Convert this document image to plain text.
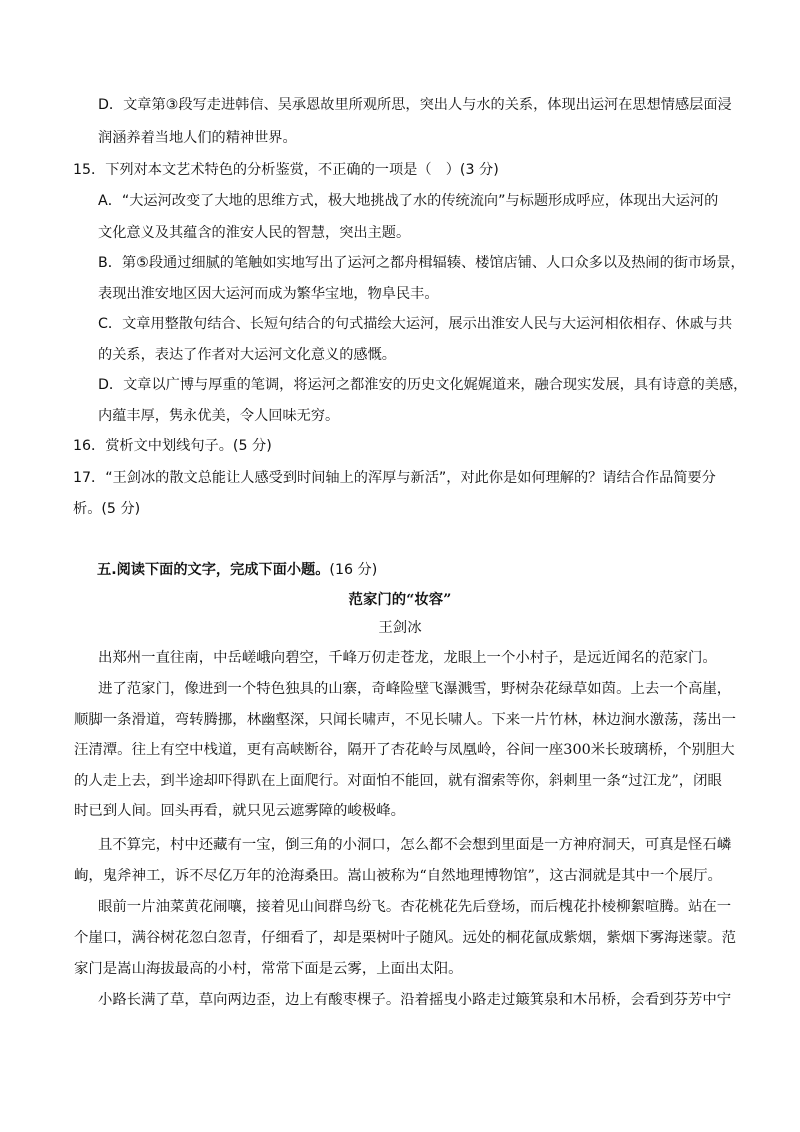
D．文章第③段写走进韩信、吴承恩故里所观所思，突出人与水的关系，体现出运河在思想情感层面浸
润涵养着当地人们的精神世界。
15．下列对本文艺术特色的分析鉴赏，不正确的一项是（　）(3 分)
A．“大运河改变了大地的思维方式，极大地挑战了水的传统流向”与标题形成呼应，体现出大运河的
文化意义及其蕴含的淮安人民的智慧，突出主题。
B．第⑤段通过细腻的笔触如实地写出了运河之都舟楫辐辏、楼馆店铺、人口众多以及热闹的街市场景，
表现出淮安地区因大运河而成为繁华宝地，物阜民丰。
C．文章用整散句结合、长短句结合的句式描绘大运河，展示出淮安人民与大运河相依相存、休戚与共
的关系，表达了作者对大运河文化意义的感慨。
D．文章以广博与厚重的笔调，将运河之都淮安的历史文化娓娓道来，融合现实发展，具有诗意的美感，
内蕴丰厚，隽永优美，令人回味无穷。
16．赏析文中划线句子。(5 分)
17．“王剑冰的散文总能让人感受到时间轴上的浑厚与新活”，对此你是如何理解的？请结合作品简要分
析。(5 分)
五.阅读下面的文字，完成下面小题。(16 分)
范家门的“妆容”
王剑冰
出郑州一直往南，中岳嵯峨向碧空，千峰万仞走苍龙，龙眼上一个小村子，是远近闻名的范家门。
进了范家门，像进到一个特色独具的山寨，奇峰险壁飞瀑溅雪，野树杂花绿草如茵。上去一个高崖，
顺脚一条滑道，弯转腾挪，林幽壑深，只闻长啸声，不见长啸人。下来一片竹林，林边涧水激荡，荡出一
汪清潭。往上有空中栈道，更有高峡断谷，隔开了杏花岭与凤凰岭，谷间一座300米长玻璃桥，个别胆大
的人走上去，到半途却吓得趴在上面爬行。对面怕不能回，就有溜索等你，斜刺里一条“过江龙”，闭眼
时已到人间。回头再看，就只见云遮雾障的峻极峰。
且不算完，村中还藏有一宝，倒三角的小洞口，怎么都不会想到里面是一方神府洞天，可真是怪石嶙
峋，鬼斧神工，诉不尽亿万年的沧海桑田。嵩山被称为“自然地理博物馆”，这古洞就是其中一个展厅。
眼前一片油菜黄花闹嚷，接着见山间群鸟纷飞。杏花桃花先后登场，而后槐花扑棱柳絮喧腾。站在一
个崖口，满谷树花忽白忽青，仔细看了，却是栗树叶子随风。远处的桐花氤成紫烟，紫烟下雾海迷蒙。范
家门是嵩山海拔最高的小村，常常下面是云雾，上面出太阳。
小路长满了草，草向两边歪，边上有酸枣棵子。沿着摇曳小路走过簸箕泉和木吊桥，会看到芬芳中宁
